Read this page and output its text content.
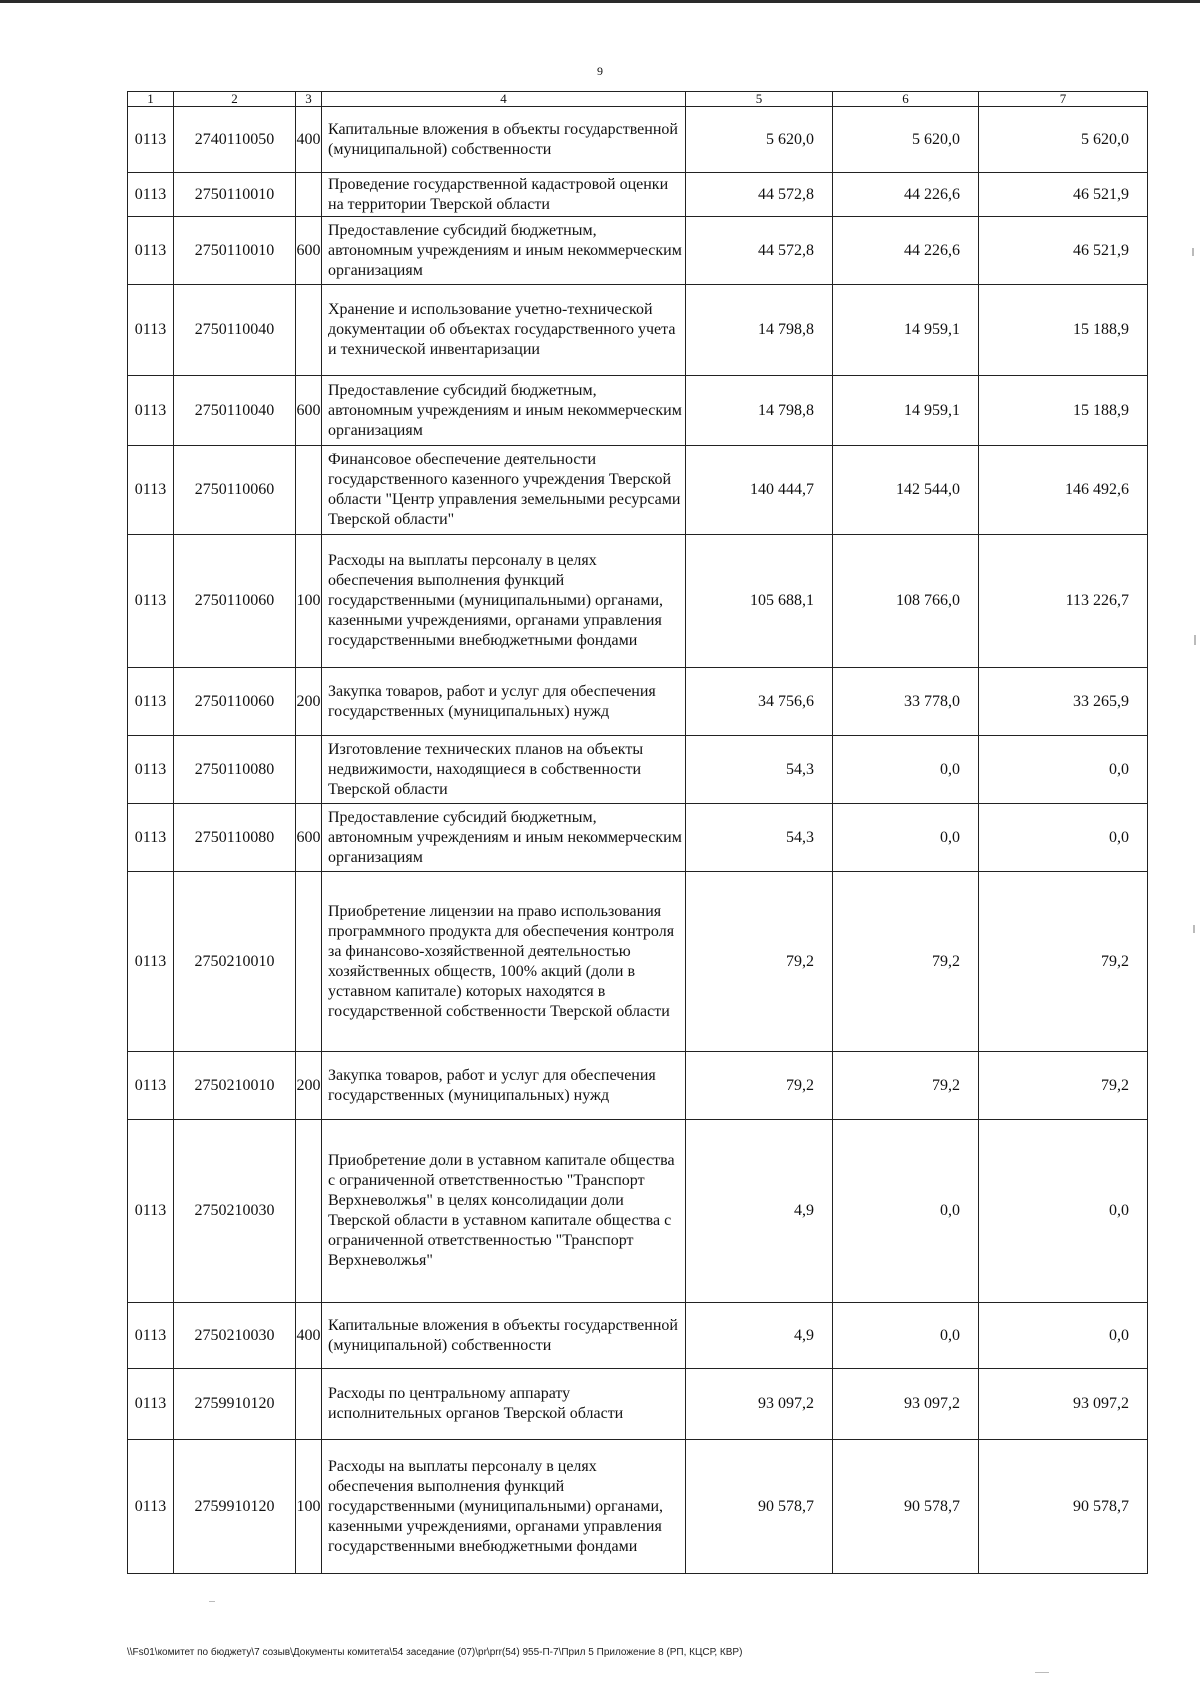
9
1	2	3	4	5	6	7
0113	2740110050	400	Капитальные вложения в объекты государственной (муниципальной) собственности	5 620,0	5 620,0	5 620,0
0113	2750110010		Проведение государственной кадастровой оценки на территории Тверской области	44 572,8	44 226,6	46 521,9
0113	2750110010	600	Предоставление субсидий бюджетным, автономным учреждениям и иным некоммерческим организациям	44 572,8	44 226,6	46 521,9
0113	2750110040		Хранение и использование учетно-технической документации об объектах государственного учета и технической инвентаризации	14 798,8	14 959,1	15 188,9
0113	2750110040	600	Предоставление субсидий бюджетным, автономным учреждениям и иным некоммерческим организациям	14 798,8	14 959,1	15 188,9
0113	2750110060		Финансовое обеспечение деятельности государственного казенного учреждения Тверской области "Центр управления земельными ресурсами Тверской области"	140 444,7	142 544,0	146 492,6
0113	2750110060	100	Расходы на выплаты персоналу в целях обеспечения выполнения функций государственными (муниципальными) органами, казенными учреждениями, органами управления государственными внебюджетными фондами	105 688,1	108 766,0	113 226,7
0113	2750110060	200	Закупка товаров, работ и услуг для обеспечения государственных (муниципальных) нужд	34 756,6	33 778,0	33 265,9
0113	2750110080		Изготовление технических планов на объекты недвижимости, находящиеся в собственности Тверской области	54,3	0,0	0,0
0113	2750110080	600	Предоставление субсидий бюджетным, автономным учреждениям и иным некоммерческим организациям	54,3	0,0	0,0
0113	2750210010		Приобретение лицензии на право использования программного продукта для обеспечения контроля за финансово-хозяйственной деятельностью хозяйственных обществ, 100% акций (доли в уставном капитале) которых находятся в государственной собственности Тверской области	79,2	79,2	79,2
0113	2750210010	200	Закупка товаров, работ и услуг для обеспечения государственных (муниципальных) нужд	79,2	79,2	79,2
0113	2750210030		Приобретение доли в уставном капитале общества с ограниченной ответственностью "Транспорт Верхневолжья" в целях консолидации доли Тверской области в уставном капитале общества с ограниченной ответственностью "Транспорт Верхневолжья"	4,9	0,0	0,0
0113	2750210030	400	Капитальные вложения в объекты государственной (муниципальной) собственности	4,9	0,0	0,0
0113	2759910120		Расходы по центральному аппарату исполнительных органов Тверской области	93 097,2	93 097,2	93 097,2
0113	2759910120	100	Расходы на выплаты персоналу в целях обеспечения выполнения функций государственными (муниципальными) органами, казенными учреждениями, органами управления государственными внебюджетными фондами	90 578,7	90 578,7	90 578,7
\\Fs01\комитет по бюджету\7 созыв\Документы комитета\54 заседание (07)\pr\prr(54) 955-П-7\Прил 5 Приложение 8 (РП, КЦСР, КВР)
